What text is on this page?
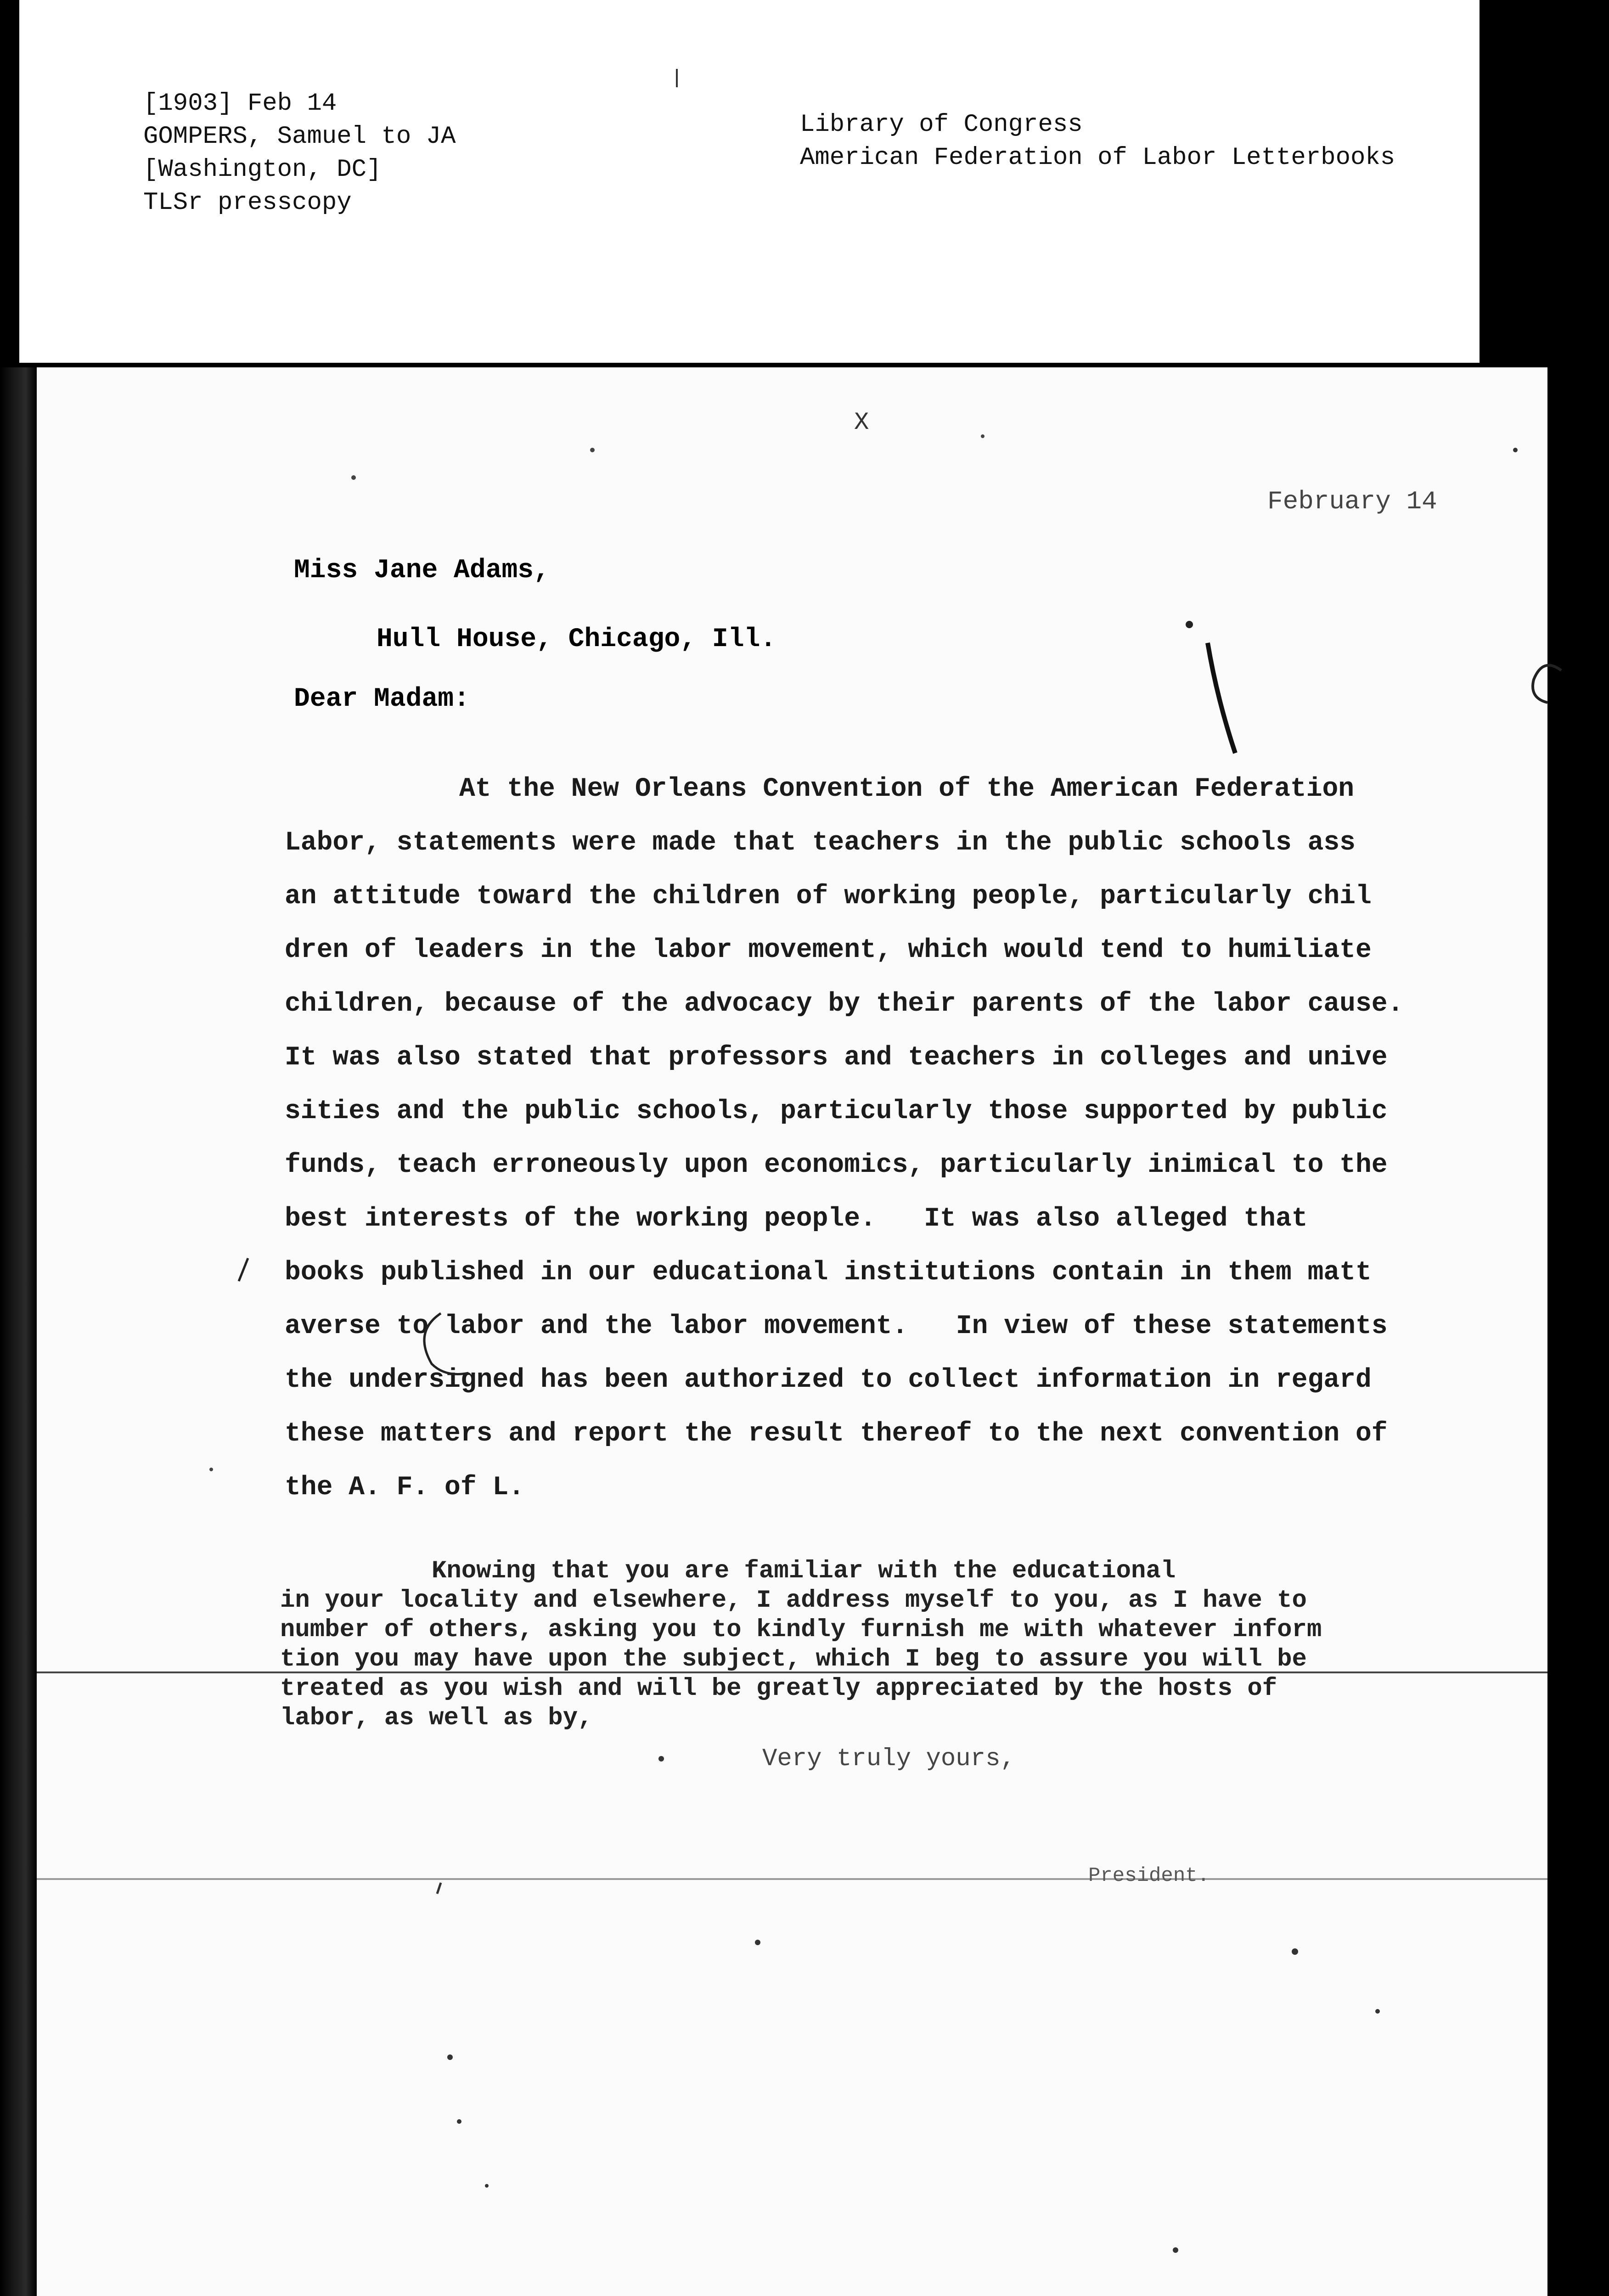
[1903] Feb 14
GOMPERS, Samuel to JA
[Washington, DC]
TLSr presscopy
Library of Congress
American Federation of Labor Letterbooks
X
February 14
Miss Jane Adams,
Hull House, Chicago, Ill.
Dear Madam:
At the New Orleans Convention of the American Federation
Labor, statements were made that teachers in the public schools ass
an attitude toward the children of working people, particularly chil
dren of leaders in the labor movement, which would tend to humiliate
children, because of the advocacy by their parents of the labor cause.
It was also stated that professors and teachers in colleges and unive
sities and the public schools, particularly those supported by public
funds, teach erroneously upon economics, particularly inimical to the
best interests of the working people.   It was also alleged that
books published in our educational institutions contain in them matt
averse to labor and the labor movement.   In view of these statements
the undersigned has been authorized to collect information in regard
these matters and report the result thereof to the next convention of
the A. F. of L.
Knowing that you are familiar with the educational
in your locality and elsewhere, I address myself to you, as I have to
number of others, asking you to kindly furnish me with whatever inform
tion you may have upon the subject, which I beg to assure you will be
treated as you wish and will be greatly appreciated by the hosts of
labor, as well as by,
Very truly yours,
President.
